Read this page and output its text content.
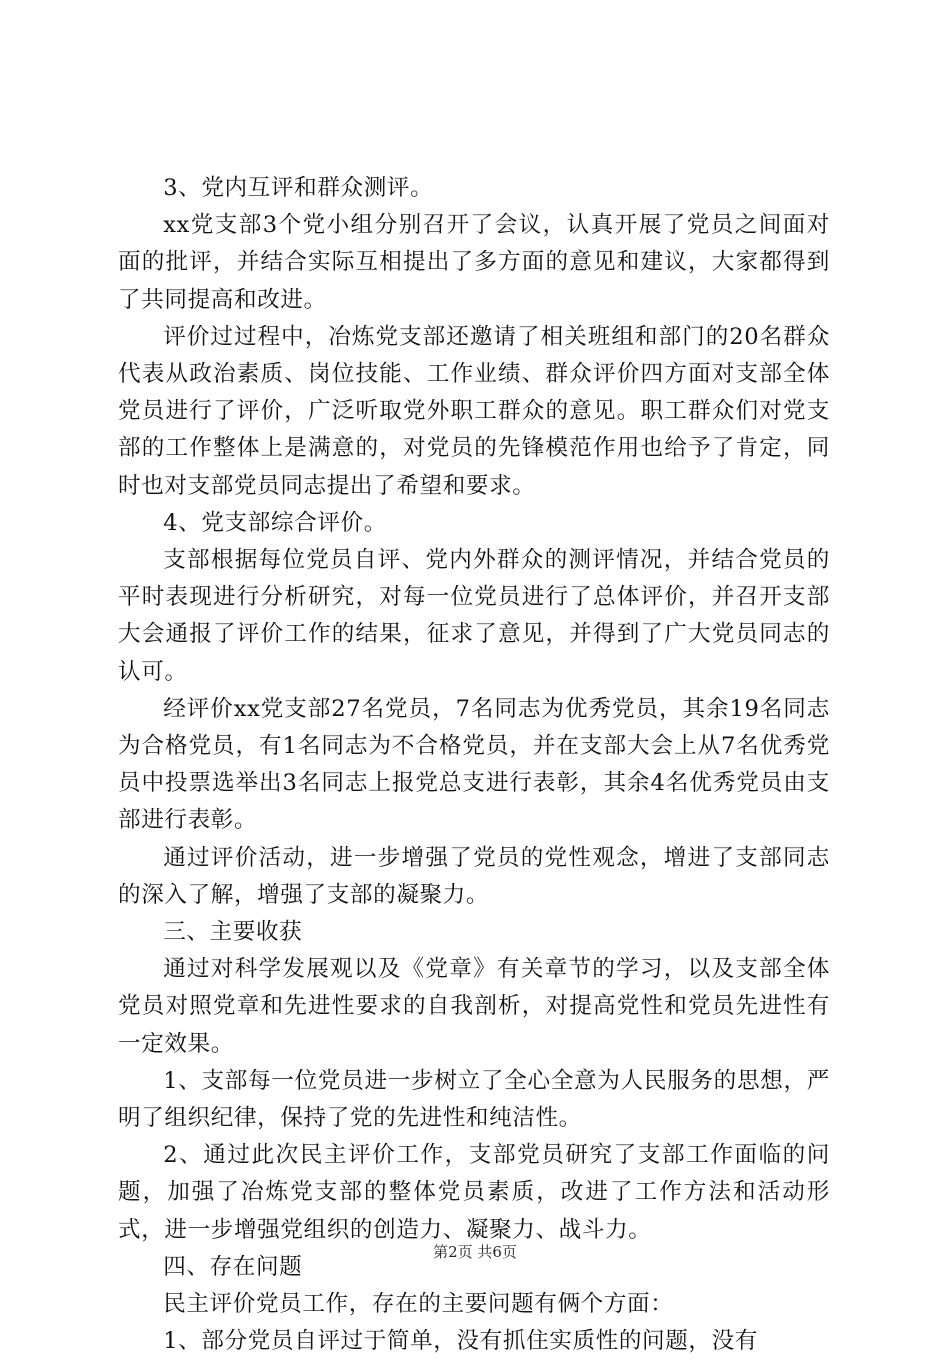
3、党内互评和群众测评。

xx党支部3个党小组分别召开了会议，认真开展了党员之间面对面的批评，并结合实际互相提出了多方面的意见和建议，大家都得到了共同提高和改进。

评价过过程中，冶炼党支部还邀请了相关班组和部门的20名群众代表从政治素质、岗位技能、工作业绩、群众评价四方面对支部全体党员进行了评价，广泛听取党外职工群众的意见。职工群众们对党支部的工作整体上是满意的，对党员的先锋模范作用也给予了肯定，同时也对支部党员同志提出了希望和要求。

4、党支部综合评价。

支部根据每位党员自评、党内外群众的测评情况，并结合党员的平时表现进行分析研究，对每一位党员进行了总体评价，并召开支部大会通报了评价工作的结果，征求了意见，并得到了广大党员同志的认可。

经评价xx党支部27名党员，7名同志为优秀党员，其余19名同志为合格党员，有1名同志为不合格党员，并在支部大会上从7名优秀党员中投票选举出3名同志上报党总支进行表彰，其余4名优秀党员由支部进行表彰。

通过评价活动，进一步增强了党员的党性观念，增进了支部同志的深入了解，增强了支部的凝聚力。

三、主要收获

通过对科学发展观以及《党章》有关章节的学习，以及支部全体党员对照党章和先进性要求的自我剖析，对提高党性和党员先进性有一定效果。

1、支部每一位党员进一步树立了全心全意为人民服务的思想，严明了组织纪律，保持了党的先进性和纯洁性。

2、通过此次民主评价工作，支部党员研究了支部工作面临的问题，加强了冶炼党支部的整体党员素质，改进了工作方法和活动形式，进一步增强党组织的创造力、凝聚力、战斗力。

四、存在问题

民主评价党员工作，存在的主要问题有俩个方面：

1、部分党员自评过于简单，没有抓住实质性的问题，没有

第2页 共6页
